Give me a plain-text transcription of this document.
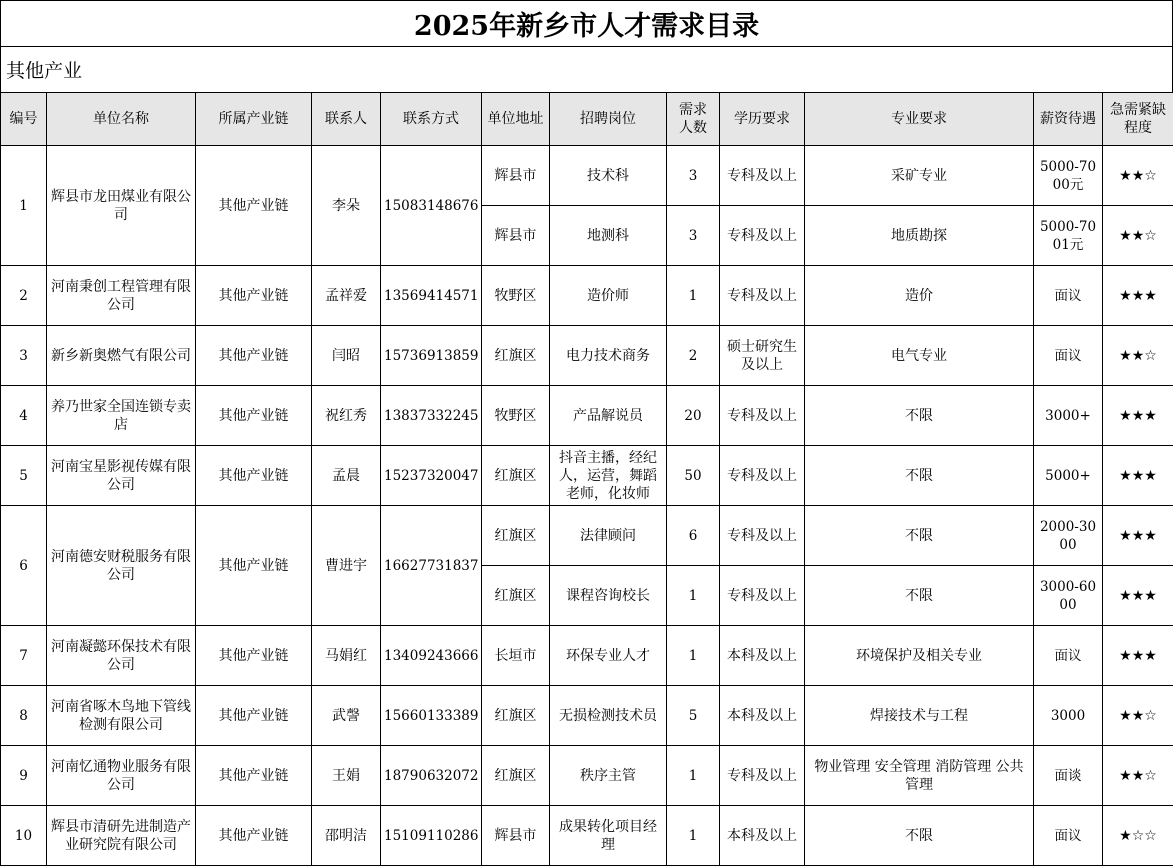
2025年新乡市人才需求目录
其他产业
编号	单位名称	所属产业链	联系人	联系方式	单位地址	招聘岗位	需求人数	学历要求	专业要求	薪资待遇	急需紧缺程度
1	辉县市龙田煤业有限公司	其他产业链	李朵	15083148676	辉县市	技术科	3	专科及以上	采矿专业	5000-7000元	★★☆
					辉县市	地测科	3	专科及以上	地质勘探	5000-7001元	★★☆
2	河南秉创工程管理有限公司	其他产业链	孟祥爱	13569414571	牧野区	造价师	1	专科及以上	造价	面议	★★★
3	新乡新奥燃气有限公司	其他产业链	闫昭	15736913859	红旗区	电力技术商务	2	硕士研究生及以上	电气专业	面议	★★☆
4	养乃世家全国连锁专卖店	其他产业链	祝红秀	13837332245	牧野区	产品解说员	20	专科及以上	不限	3000+	★★★
5	河南宝星影视传媒有限公司	其他产业链	孟晨	15237320047	红旗区	抖音主播，经纪人，运营，舞蹈老师，化妆师	50	专科及以上	不限	5000+	★★★
6	河南德安财税服务有限公司	其他产业链	曹进宇	16627731837	红旗区	法律顾问	6	专科及以上	不限	2000-3000	★★★
					红旗区	课程咨询校长	1	专科及以上	不限	3000-6000	★★★
7	河南凝懿环保技术有限公司	其他产业链	马娟红	13409243666	长垣市	环保专业人才	1	本科及以上	环境保护及相关专业	面议	★★★
8	河南省啄木鸟地下管线检测有限公司	其他产业链	武謦	15660133389	红旗区	无损检测技术员	5	本科及以上	焊接技术与工程	3000	★★☆
9	河南忆通物业服务有限公司	其他产业链	王娟	18790632072	红旗区	秩序主管	1	专科及以上	物业管理 安全管理 消防管理 公共管理	面谈	★★☆
10	辉县市清研先进制造产业研究院有限公司	其他产业链	邵明洁	15109110286	辉县市	成果转化项目经理	1	本科及以上	不限	面议	★☆☆
